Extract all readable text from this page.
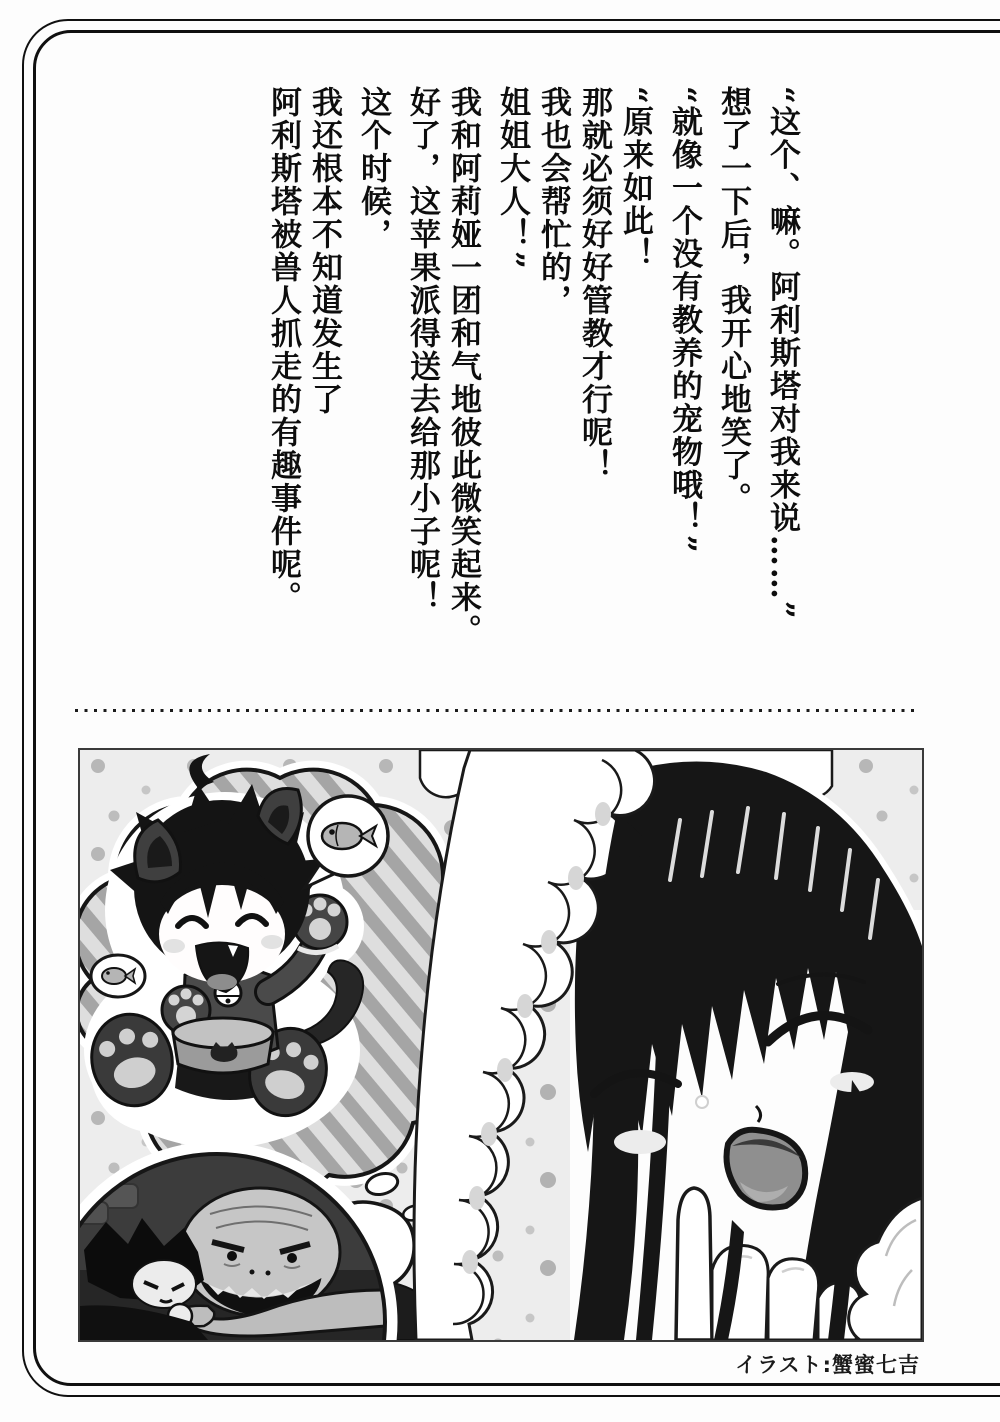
“这个、嘛。阿利斯塔对我来说……”
想了一下后，我开心地笑了。
“就像一个没有教养的宠物哦！”
“原来如此！
那就必须好好管教才行呢！
我也会帮忙的，
姐姐大人！”
我和阿莉娅一团和气地彼此微笑起来。
好了，这苹果派得送去给那小子呢！
这个时候，
我还根本不知道发生了
阿利斯塔被兽人抓走的有趣事件呢。
イラスト:蟹蜜七吉
